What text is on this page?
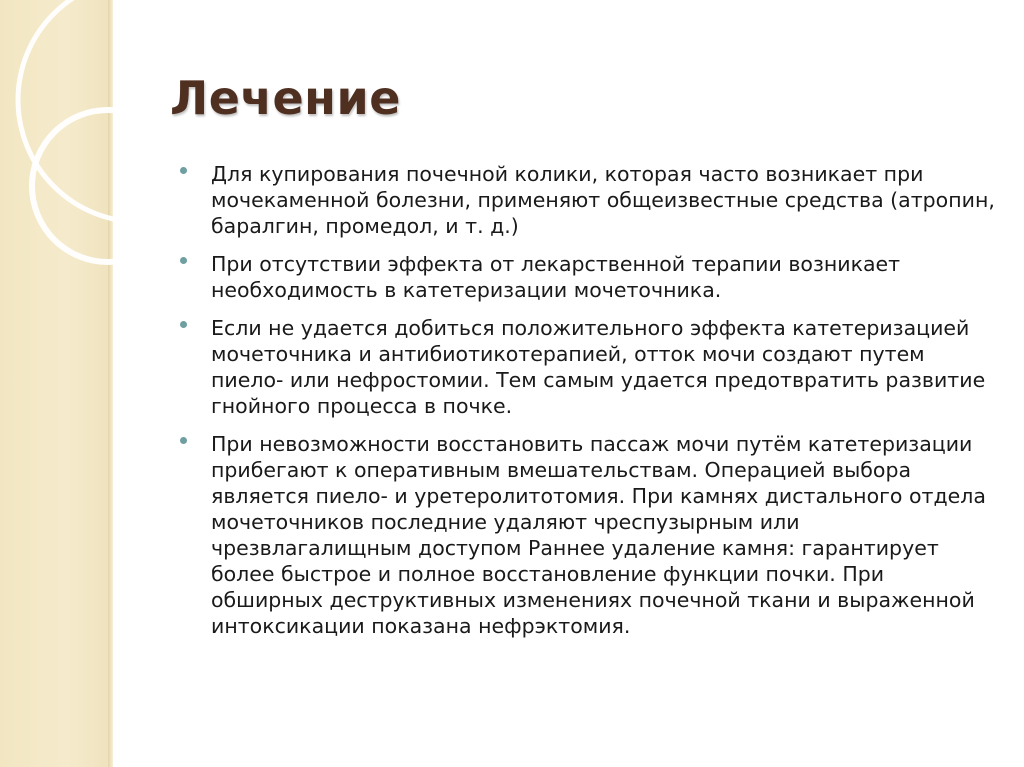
Лечение
Для купирования почечной колики, которая часто возникает при мочекаменной болезни, применяют общеизвестные средства (атропин, баралгин, промедол, и т. д.)
При отсутствии эффекта от лекарственной терапии возникает необходимость в катетеризации мочеточника.
Если не удается добиться положительного эффекта катетеризацией мочеточника и антибиотикотерапией, отток мочи создают путем пиело- или нефростомии. Тем самым удается предотвратить развитие гнойного процесса в почке.
При невозможности восстановить пассаж мочи путём катетеризации прибегают к оперативным вмешательствам. Операцией выбора является пиело- и уретеролитотомия. При камнях дистального отдела мочеточников последние удаляют чреспузырным или чрезвлагалищным доступом Раннее удаление камня: гарантирует более быстрое и полное восстановление функции почки. При обширных деструктивных изменениях почечной ткани и выраженной интоксикации показана нефрэктомия.
